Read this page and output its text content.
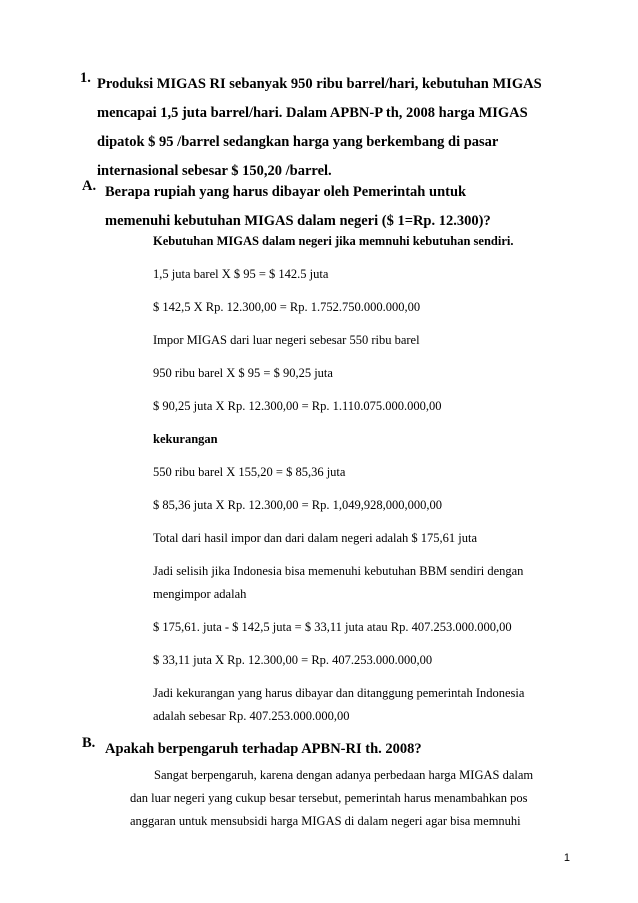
1. Produksi MIGAS RI sebanyak 950 ribu barrel/hari, kebutuhan MIGAS
mencapai 1,5 juta barrel/hari. Dalam APBN-P th, 2008 harga MIGAS
dipatok $ 95 /barrel sedangkan harga yang berkembang di pasar
internasional sebesar $ 150,20 /barrel.
A. Berapa rupiah yang harus dibayar oleh Pemerintah untuk
memenuhi kebutuhan MIGAS dalam negeri ($ 1=Rp. 12.300)?
Kebutuhan MIGAS dalam negeri jika memnuhi kebutuhan sendiri.
1,5 juta barel X $ 95 = $ 142.5 juta
$ 142,5 X Rp. 12.300,00 = Rp. 1.752.750.000.000,00
Impor MIGAS dari luar negeri sebesar 550 ribu barel
950 ribu barel X $ 95 = $ 90,25 juta
$ 90,25 juta X Rp. 12.300,00 = Rp. 1.110.075.000.000,00
kekurangan
550 ribu barel X 155,20 = $ 85,36 juta
$ 85,36 juta X Rp. 12.300,00 = Rp. 1,049,928,000,000,00
Total dari hasil impor dan dari dalam negeri adalah $ 175,61 juta
Jadi selisih jika Indonesia bisa memenuhi kebutuhan BBM sendiri dengan
mengimpor adalah
$ 175,61. juta - $ 142,5 juta = $ 33,11 juta atau Rp. 407.253.000.000,00
$ 33,11 juta X Rp. 12.300,00 = Rp. 407.253.000.000,00
Jadi kekurangan yang harus dibayar dan ditanggung pemerintah Indonesia
adalah sebesar Rp. 407.253.000.000,00
B. Apakah berpengaruh terhadap APBN-RI th. 2008?
Sangat berpengaruh, karena dengan adanya perbedaan harga MIGAS dalam
dan luar negeri yang cukup besar tersebut, pemerintah harus menambahkan pos
anggaran untuk mensubsidi harga MIGAS di dalam negeri agar bisa memnuhi
1
